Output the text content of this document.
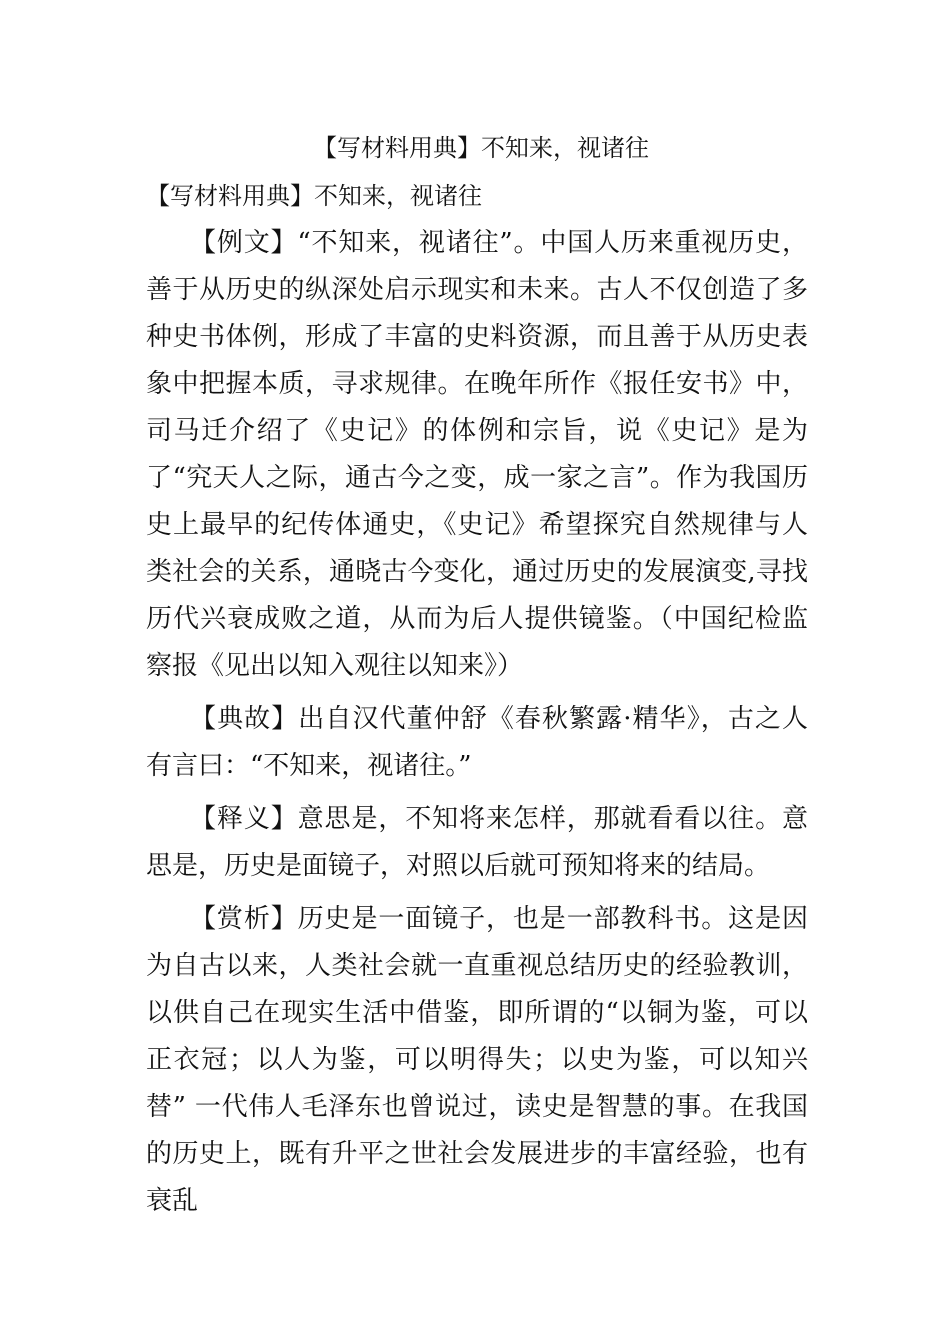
【写材料用典】不知来，视诸往
【写材料用典】不知来，视诸往

【例文】“不知来，视诸往”。中国人历来重视历史，善于从历史的纵深处启示现实和未来。古人不仅创造了多种史书体例，形成了丰富的史料资源，而且善于从历史表象中把握本质，寻求规律。在晚年所作《报任安书》中，司马迁介绍了《史记》的体例和宗旨，说《史记》是为了“究天人之际，通古今之变，成一家之言”。作为我国历史上最早的纪传体通史，《史记》希望探究自然规律与人类社会的关系，通晓古今变化，通过历史的发展演变,寻找历代兴衰成败之道，从而为后人提供镜鉴。（中国纪检监察报《见出以知入观往以知来》）

【典故】出自汉代董仲舒《春秋繁露·精华》，古之人有言曰：“不知来，视诸往。”

【释义】意思是，不知将来怎样，那就看看以往。意思是，历史是面镜子，对照以后就可预知将来的结局。

【赏析】历史是一面镜子，也是一部教科书。这是因为自古以来，人类社会就一直重视总结历史的经验教训，以供自己在现实生活中借鉴，即所谓的“以铜为鉴，可以正衣冠；以人为鉴，可以明得失；以史为鉴，可以知兴替” 一代伟人毛泽东也曾说过，读史是智慧的事。在我国的历史上，既有升平之世社会发展进步的丰富经验，也有衰乱
